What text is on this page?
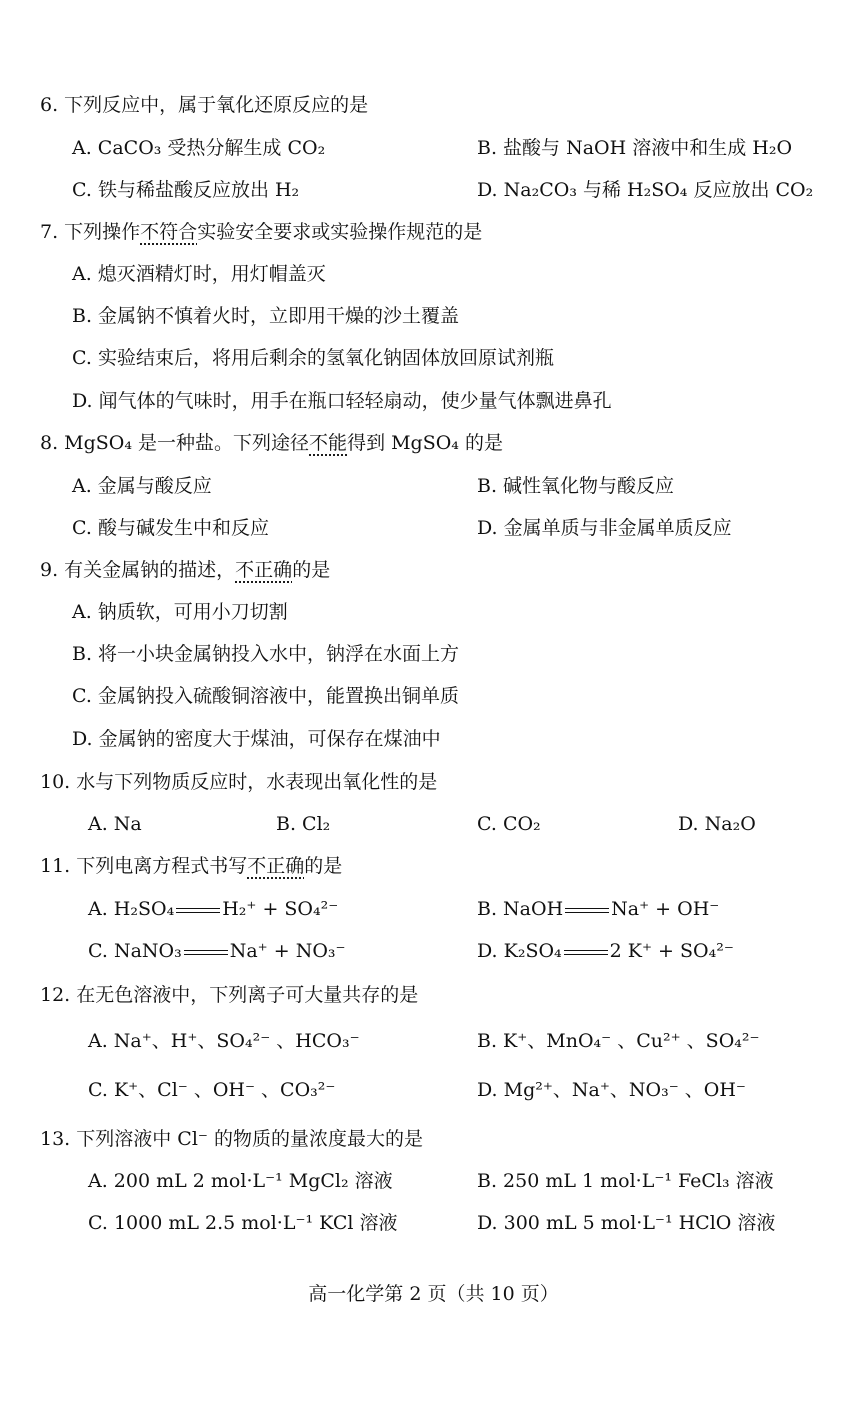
6. 下列反应中，属于氧化还原反应的是
A. CaCO₃ 受热分解生成 CO₂	B. 盐酸与 NaOH 溶液中和生成 H₂O
C. 铁与稀盐酸反应放出 H₂	D. Na₂CO₃ 与稀 H₂SO₄ 反应放出 CO₂
7. 下列操作不符合实验安全要求或实验操作规范的是
A. 熄灭酒精灯时，用灯帽盖灭
B. 金属钠不慎着火时，立即用干燥的沙土覆盖
C. 实验结束后，将用后剩余的氢氧化钠固体放回原试剂瓶
D. 闻气体的气味时，用手在瓶口轻轻扇动，使少量气体飘进鼻孔
8. MgSO₄ 是一种盐。下列途径不能得到 MgSO₄ 的是
A. 金属与酸反应	B. 碱性氧化物与酸反应
C. 酸与碱发生中和反应	D. 金属单质与非金属单质反应
9. 有关金属钠的描述，不正确的是
A. 钠质软，可用小刀切割
B. 将一小块金属钠投入水中，钠浮在水面上方
C. 金属钠投入硫酸铜溶液中，能置换出铜单质
D. 金属钠的密度大于煤油，可保存在煤油中
10. 水与下列物质反应时，水表现出氧化性的是
A. Na	B. Cl₂	C. CO₂	D. Na₂O
11. 下列电离方程式书写不正确的是
A. H₂SO₄	H₂⁺ + SO₄²⁻	B. NaOH	Na⁺ + OH⁻
C. NaNO₃	Na⁺ + NO₃⁻	D. K₂SO₄	2 K⁺ + SO₄²⁻
12. 在无色溶液中，下列离子可大量共存的是
A. Na⁺、H⁺、SO₄²⁻ 、HCO₃⁻	B. K⁺、MnO₄⁻ 、Cu²⁺ 、SO₄²⁻
C. K⁺、Cl⁻ 、OH⁻ 、CO₃²⁻	D. Mg²⁺、Na⁺、NO₃⁻ 、OH⁻
13. 下列溶液中 Cl⁻ 的物质的量浓度最大的是
A. 200 mL 2 mol·L⁻¹ MgCl₂ 溶液	B. 250 mL 1 mol·L⁻¹ FeCl₃ 溶液
C. 1000 mL 2.5 mol·L⁻¹ KCl 溶液	D. 300 mL 5 mol·L⁻¹ HClO 溶液
高一化学第 2 页（共 10 页）
